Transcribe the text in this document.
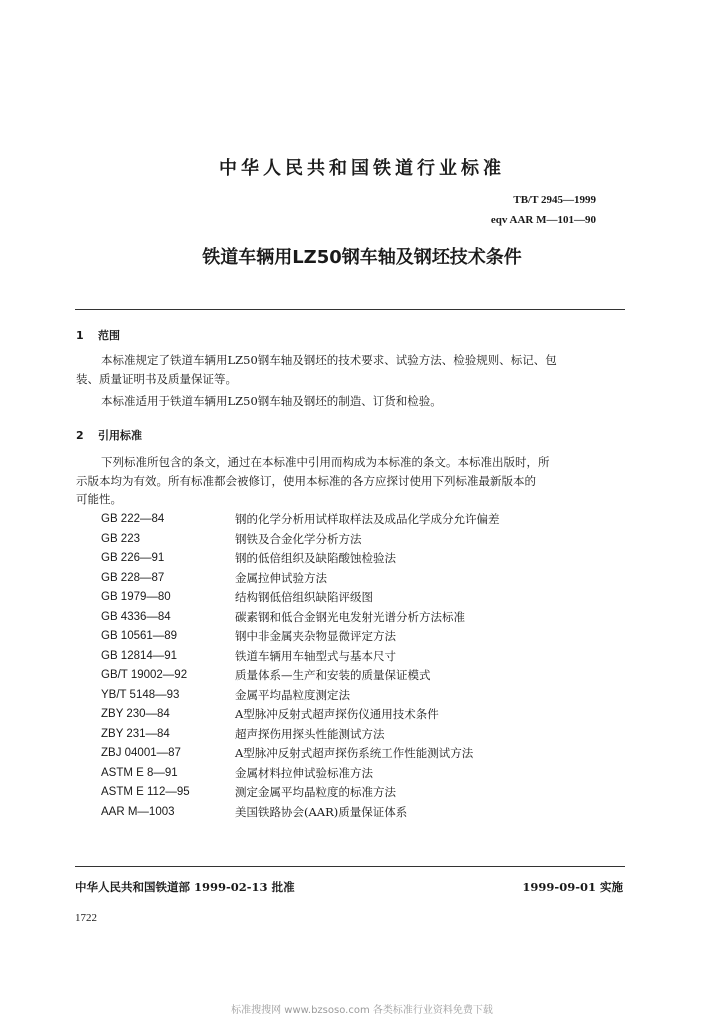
中华人民共和国铁道行业标准
TB/T 2945—1999
eqv AAR M—101—90
铁道车辆用LZ50钢车轴及钢坯技术条件
1 范围
本标准规定了铁道车辆用LZ50钢车轴及钢坯的技术要求、试验方法、检验规则、标记、包
装、质量证明书及质量保证等。
本标准适用于铁道车辆用LZ50钢车轴及钢坯的制造、订货和检验。
2 引用标准
下列标准所包含的条文，通过在本标准中引用而构成为本标准的条文。本标准出版时，所
示版本均为有效。所有标准都会被修订，使用本标准的各方应探讨使用下列标准最新版本的
可能性。
GB 222—84	钢的化学分析用试样取样法及成品化学成分允许偏差
GB 223	钢铁及合金化学分析方法
GB 226—91	钢的低倍组织及缺陷酸蚀检验法
GB 228—87	金属拉伸试验方法
GB 1979—80	结构钢低倍组织缺陷评级图
GB 4336—84	碳素钢和低合金钢光电发射光谱分析方法标准
GB 10561—89	钢中非金属夹杂物显微评定方法
GB 12814—91	铁道车辆用车轴型式与基本尺寸
GB/T 19002—92	质量体系—生产和安装的质量保证模式
YB/T 5148—93	金属平均晶粒度测定法
ZBY 230—84	A型脉冲反射式超声探伤仪通用技术条件
ZBY 231—84	超声探伤用探头性能测试方法
ZBJ 04001—87	A型脉冲反射式超声探伤系统工作性能测试方法
ASTM E 8—91	金属材料拉伸试验标准方法
ASTM E 112—95	测定金属平均晶粒度的标准方法
AAR M—1003	美国铁路协会(AAR)质量保证体系
中华人民共和国铁道部 1999-02-13 批准	1999-09-01 实施
1722
标准搜搜网 www.bzsoso.com 各类标准行业资料免费下载
